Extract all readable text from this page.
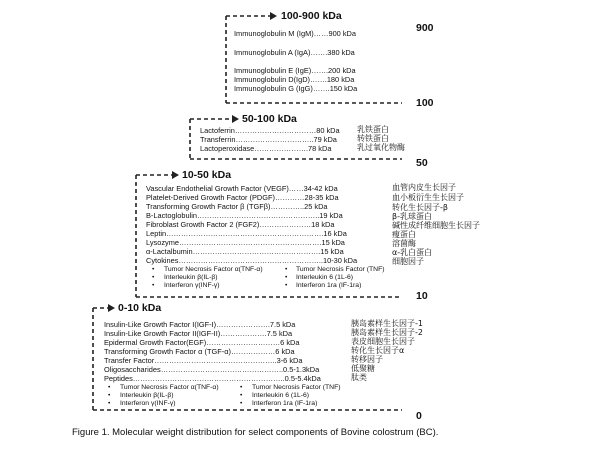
900
100
50
10
0
100-900 kDa
Immunoglobulin M (IgM)……900 kDa
Immunoglobulin A (IgA)…….380 kDa
Immunoglobulin E (IgE)…….200 kDa
Immunoglobulin D(IgD)…….180 kDa
Immunoglobulin G (IgG)…….150 kDa
50-100 kDa
Lactoferrin……………………………80 kDa
Transferrin…………………………..79 kDa
Lactoperoxidase………………….78 kDa
乳铁蛋白
转铁蛋白
乳过氧化物酶
10-50 kDa
Vascular Endothelial Growth Factor (VEGF)……34-42 kDa
Platelet-Derived Growth Factor (PDGF)…………28-35 kDa
Transforming Growth Factor β (TGFβ)…………..25 kDa
B-Lactoglobulin…………………………………………..19 kDa
Fibroblast Growth Factor 2 (FGF2)…………………18 kDa
Leptin……………………………………………………….16 kDa
Lysozyme………………………………………………….15 kDa
α-Lactalbumin…………………………………………….15 kDa
Cytokines…………………………………………………..10-30 kDa
血管内皮生长因子
血小板衍生生长因子
转化生长因子-β
β-乳球蛋白
碱性成纤维细胞生长因子
瘦蛋白
溶菌酶
α-乳白蛋白
细胞因子
• Tumor Necrosis Factor α(TNF-α)
• Interleukin β(IL-β)
• Interferon γ(INF-γ)
• Tumor Necrosis Factor (TNF)
• Interleukin 6 (1L-6)
• Interferon 1ra (IF-1ra)
0-10 kDa
Insulin-Like Growth Factor I(IGF-I)………………….7.5 kDa
Insulin-Like Growth Factor II(IGF-II)……………….7.5 kDa
Epidermal Growth Factor(EGF)…………………………6 kDa
Transforming Growth Factor α (TGF-α)………………6 kDa
Transfer Factor…………………………………………..3-6 kDa
Oligosaccharides…………………………………………..0.5-1.3kDa
Peptides……………………………………………………..0.5-5.4kDa
胰岛素样生长因子-1
胰岛素样生长因子-2
表皮细胞生长因子
转化生长因子α
转移因子
低聚糖
肽类
• Tumor Necrosis Factor α(TNF-α)
• Interleukin β(IL-β)
• Interferon γ(INF-γ)
• Tumor Necrosis Factor (TNF)
• Interleukin 6 (1L-6)
• Interferon 1ra (IF-1ra)
Figure 1. Molecular weight distribution for select components of Bovine colostrum (BC).
